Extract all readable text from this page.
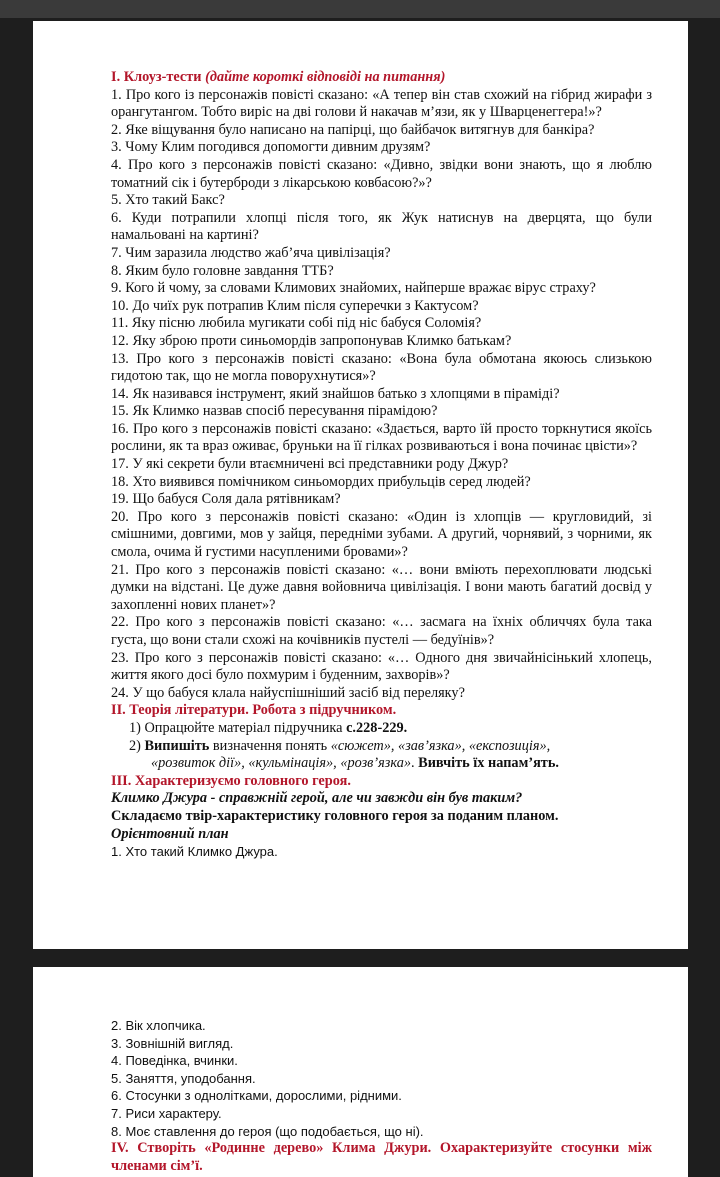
I. Клоуз-тести (дайте короткі відповіді на питання)

1. Про кого із персонажів повісті сказано: «А тепер він став схожий на гібрид жирафи з орангутангом. Тобто виріс на дві голови й накачав м’язи, як у Шварценеггера!»?

2. Яке віщування було написано на папірці, що байбачок витягнув для банкіра?

3. Чому Клим погодився допомогти дивним друзям?

4. Про кого з персонажів повісті сказано: «Дивно, звідки вони знають, що я люблю томатний сік і бутерброди з лікарською ковбасою?»?

5. Хто такий Бакс?

6. Куди потрапили хлопці після того, як Жук натиснув на дверцята, що були намальовані на картині?

7. Чим заразила людство жаб’яча цивілізація?

8. Яким було головне завдання ТТБ?

9. Кого й чому, за словами Климових знайомих, найперше вражає вірус страху?

10. До чиїх рук потрапив Клим після суперечки з Кактусом?

11. Яку пісню любила мугикати собі під ніс бабуся Соломія?

12. Яку зброю проти синьомордів запропонував Климко батькам?

13. Про кого з персонажів повісті сказано: «Вона була обмотана якоюсь слизькою гидотою так, що не могла поворухнутися»?

14. Як називався інструмент, який знайшов батько з хлопцями в піраміді?

15. Як Климко назвав спосіб пересування пірамідою?

16. Про кого з персонажів повісті сказано: «Здається, варто їй просто торкнутися якоїсь рослини, як та враз оживає, бруньки на її гілках розвиваються і вона починає цвісти»?

17. У які секрети були втаємничені всі представники роду Джур?

18. Хто виявився помічником синьомордих прибульців серед людей?

19. Що бабуся Соля дала рятівникам?

20. Про кого з персонажів повісті сказано: «Один із хлопців — кругловидий, зі смішними, довгими, мов у зайця, передніми зубами. А другий, чорнявий, з чорними, як смола, очима й густими насупленими бровами»?

21. Про кого з персонажів повісті сказано: «… вони вміють перехоплювати людські думки на відстані. Це дуже давня войовнича цивілізація. І вони мають багатий досвід у захопленні нових планет»?

22. Про кого з персонажів повісті сказано: «… засмага на їхніх обличчях була така густа, що вони стали схожі на кочівників пустелі — бедуїнів»?

23. Про кого з персонажів повісті сказано: «… Одного дня звичайнісінький хлопець, життя якого досі було похмурим і буденним, захворів»?

24. У що бабуся клала найуспішніший засіб від переляку?

II. Теорія літератури. Робота з підручником.

1) Опрацюйте матеріал підручника с.228-229.

2) Випишіть визначення понять «сюжет», «зав’язка», «експозиція»,

«розвиток дії», «кульмінація», «розв’язка». Вивчіть їх напам’ять.

III. Характеризуємо головного героя.

Климко Джура - справжній герой, але чи завжди він був таким?

Складаємо твір-характеристику головного героя за поданим планом.

Орієнтовний план

1. Хто такий Климко Джура.

2. Вік хлопчика.

3. Зовнішній вигляд.

4. Поведінка, вчинки.

5. Заняття, уподобання.

6. Стосунки з однолітками, дорослими, рідними.

7. Риси характеру.

8. Моє ставлення до героя (що подобається, що ні).

IV. Створіть «Родинне дерево» Клима Джури. Охарактеризуйте стосунки між членами сім’ї.
